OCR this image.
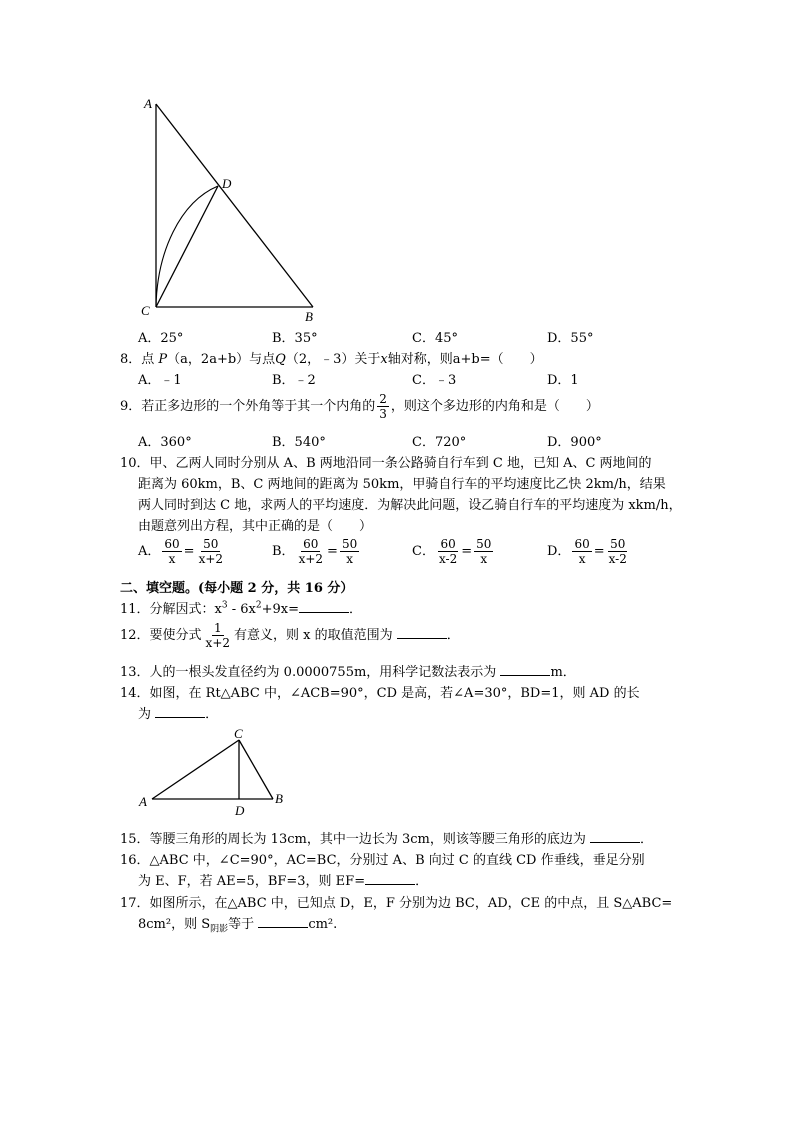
A
D
C	B
A．25°	B．35°	C．45°	D．55°
8．点 P（a，2a+b）与点Q（2，﹣3）关于x轴对称，则a+b=（　　）
A．﹣1	B．﹣2	C．﹣3	D．1
9．若正多边形的一个外角等于其一个内角的 $\frac{2}{3}$ ，则这个多边形的内角和是（　　）
A．360°	B．540°	C．720°	D．900°
10．甲、乙两人同时分别从 A、B 两地沿同一条公路骑自行车到 C 地，已知 A、C 两地间的
距离为 60km，B、C 两地间的距离为 50km，甲骑自行车的平均速度比乙快 2km/h，结果
两人同时到达 C 地，求两人的平均速度．为解决此问题，设乙骑自行车的平均速度为 xkm/h，
由题意列出方程，其中正确的是（　　）
A． $\frac{60}{x} = \frac{50}{x+2}$	B． $\frac{60}{x+2} = \frac{50}{x}$	C． $\frac{60}{x-2} = \frac{50}{x}$	D． $\frac{60}{x} = \frac{50}{x-2}$
二、填空题。(每小题 2 分，共 16 分）
11．分解因式：$x^3 - 6x^2+9x=$	．
12．要使分式 $\frac{1}{x+2}$ 有意义，则 x 的取值范围为	．
13．人的一根头发直径约为 0.0000755m，用科学记数法表示为	m．
14．如图，在 Rt△ABC 中，∠ACB=90°，CD 是高，若∠A=30°，BD=1，则 AD 的长
为	．
C
A	B
D
15．等腰三角形的周长为 13cm，其中一边长为 3cm，则该等腰三角形的底边为	．
16．△ABC 中，∠C=90°，AC=BC，分别过 A、B 向过 C 的直线 CD 作垂线，垂足分别
为 E、F，若 AE=5，BF=3，则 EF=	．
17．如图所示，在△ABC 中，已知点 D，E，F 分别为边 BC，AD，CE 的中点，且 S△ABC=
8cm²，则 $S_{阴影}$等于	cm².
